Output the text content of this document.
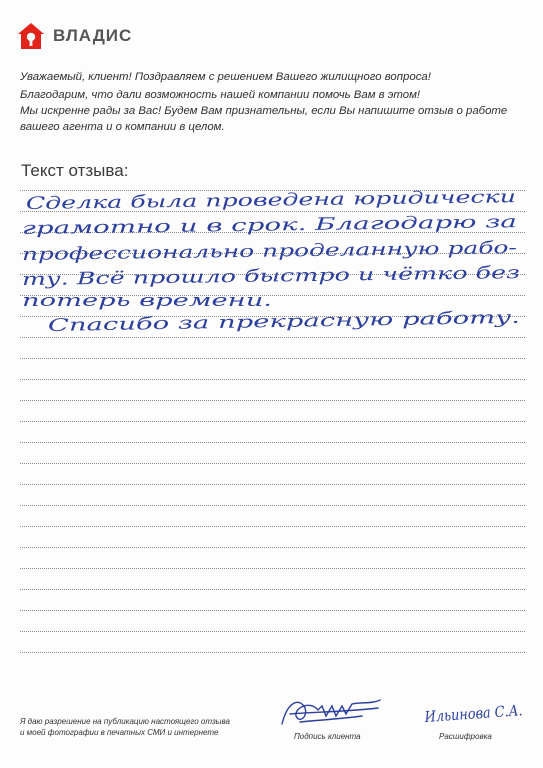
ВЛАДИС
Уважаемый, клиент! Поздравляем с решением Вашего жилищного вопроса!
Благодарим, что дали возможность нашей компании помочь Вам в этом!
Мы искренне рады за Вас! Будем Вам признательны, если Вы напишите отзыв о работе
вашего агента и о компании в целом.
Текст отзыва:
Сделка была проведена юридически
грамотно и в срок. Благодарю за
профессионально проделанную рабо-
ту. Всё прошло быстро и чётко без
потерь времени.
Спасибо за прекрасную работу.
Ильинова С.А.
Я даю разрешение на публикацию настоящего отзыва
и моей фотографии в печатных СМИ и интернете	Подпись клиента	Расшифровка
